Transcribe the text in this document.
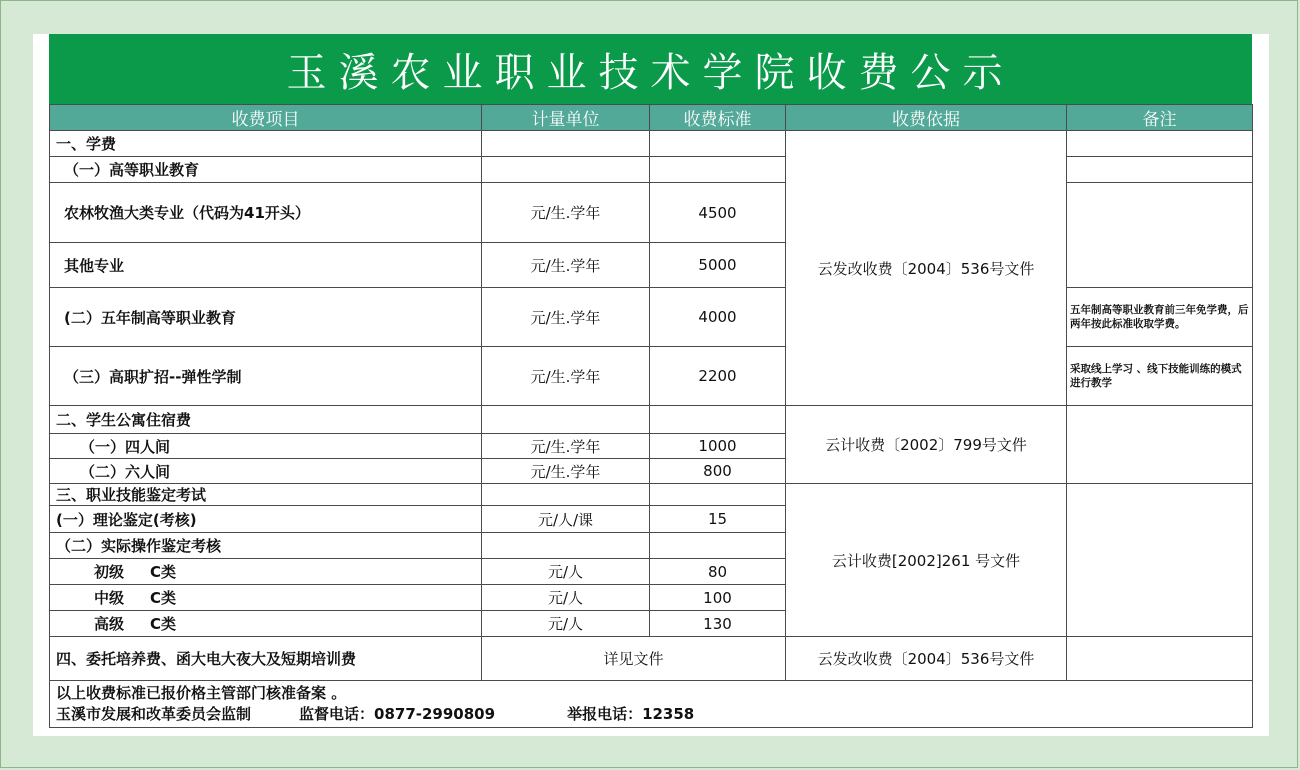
玉溪农业职业技术学院收费公示
收费项目	计量单位	收费标准	收费依据	备注
一、学费			云发改收费〔2004〕536号文件	
（一）高等职业教育				
农林牧渔大类专业（代码为41开头）	元/生.学年	4500		
其他专业	元/生.学年	5000		
(二）五年制高等职业教育	元/生.学年	4000		五年制高等职业教育前三年免学费，后两年按此标准收取学费。
（三）高职扩招--弹性学制	元/生.学年	2200		采取线上学习 、线下技能训练的模式进行教学
二、学生公寓住宿费			云计收费〔2002〕799号文件	
（一）四人间	元/生.学年	1000		
（二）六人间	元/生.学年	800		
三、职业技能鉴定考试			云计收费[2002]261 号文件	
(一）理论鉴定(考核)	元/人/课	15		
（二）实际操作鉴定考核				
初级 C类	元/人	80		
中级 C类	元/人	100		
高级 C类	元/人	130		
四、委托培养费、函大电大夜大及短期培训费	详见文件		云发改收费〔2004〕536号文件	

以上收费标准已报价格主管部门核准备案 。
玉溪市发展和改革委员会监制 监督电话：0877-2990809 举报电话：12358				
